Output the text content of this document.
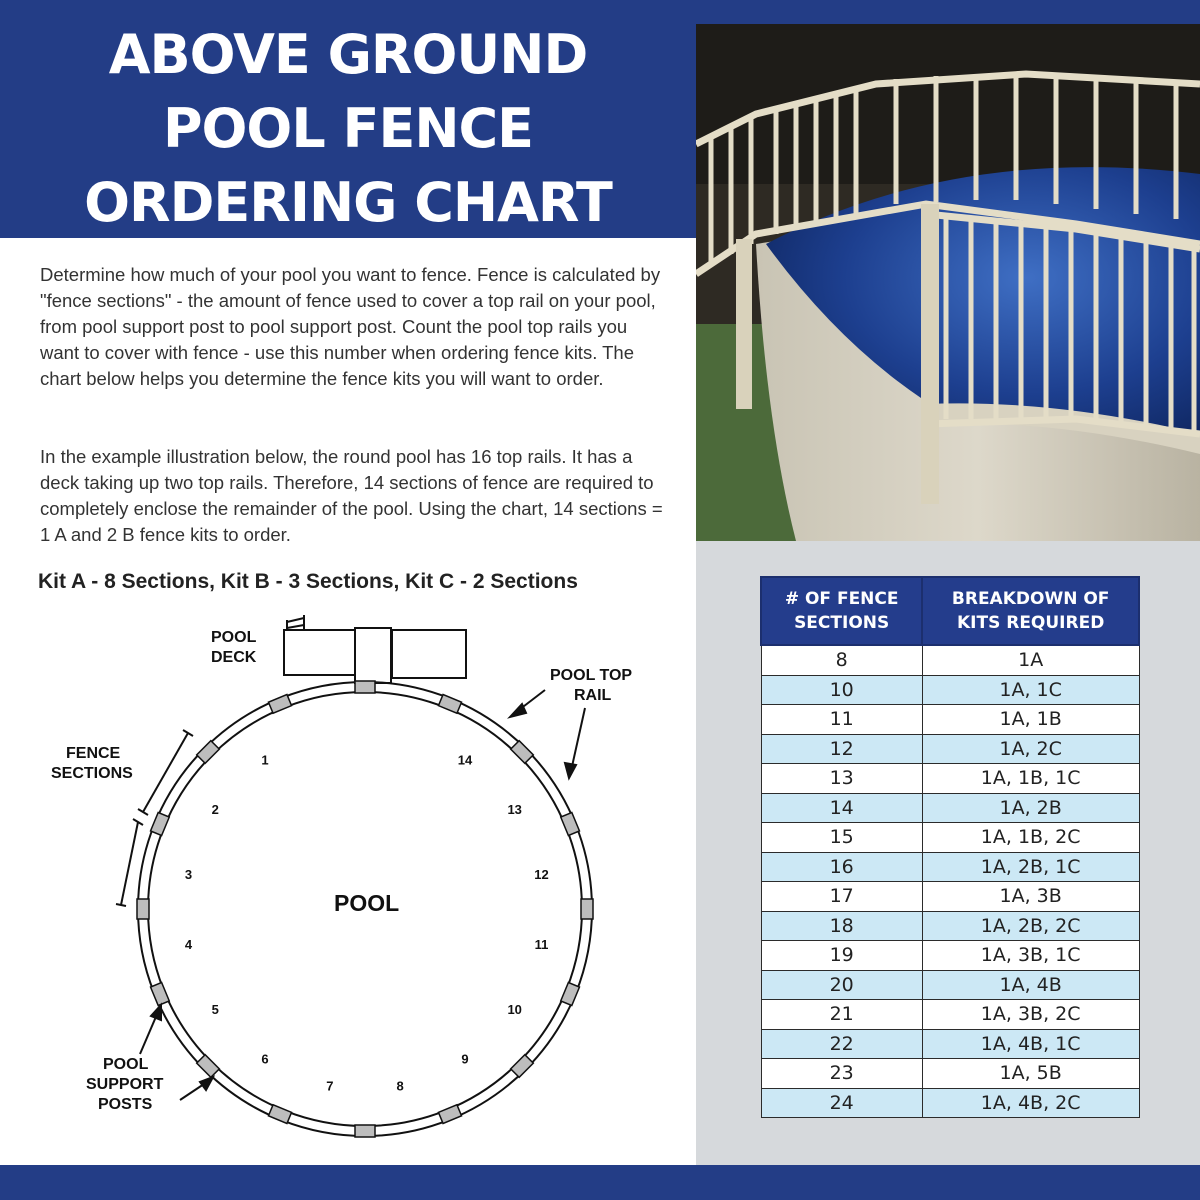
ABOVE GROUND
POOL FENCE
ORDERING CHART

Determine how much of your pool you want to fence. Fence is calculated by "fence sections" - the amount of fence used to cover a top rail on your pool, from pool support post to pool support post. Count the pool top rails you want to cover with fence - use this number when ordering fence kits. The chart below helps you determine the fence kits you will want to order.

In the example illustration below, the round pool has 16 top rails. It has a deck taking up two top rails. Therefore, 14 sections of fence are required to completely enclose the remainder of the pool. Using the chart, 14 sections = 1 A and 2 B fence kits to order.

Kit A - 8 Sections, Kit B - 3 Sections, Kit C - 2 Sections
POOL
POOL
DECK
POOL TOP
RAIL
FENCE
SECTIONS
POOL
SUPPORT
POSTS
1
2
3
4
5
6
7	8
9
10
11
12
13
14
# OF FENCE
SECTIONS	BREAKDOWN OF
KITS REQUIRED
8	1A
10	1A, 1C
11	1A, 1B
12	1A, 2C
13	1A, 1B, 1C
14	1A, 2B
15	1A, 1B, 2C
16	1A, 2B, 1C
17	1A, 3B
18	1A, 2B, 2C
19	1A, 3B, 1C
20	1A, 4B
21	1A, 3B, 2C
22	1A, 4B, 1C
23	1A, 5B
24	1A, 4B, 2C
